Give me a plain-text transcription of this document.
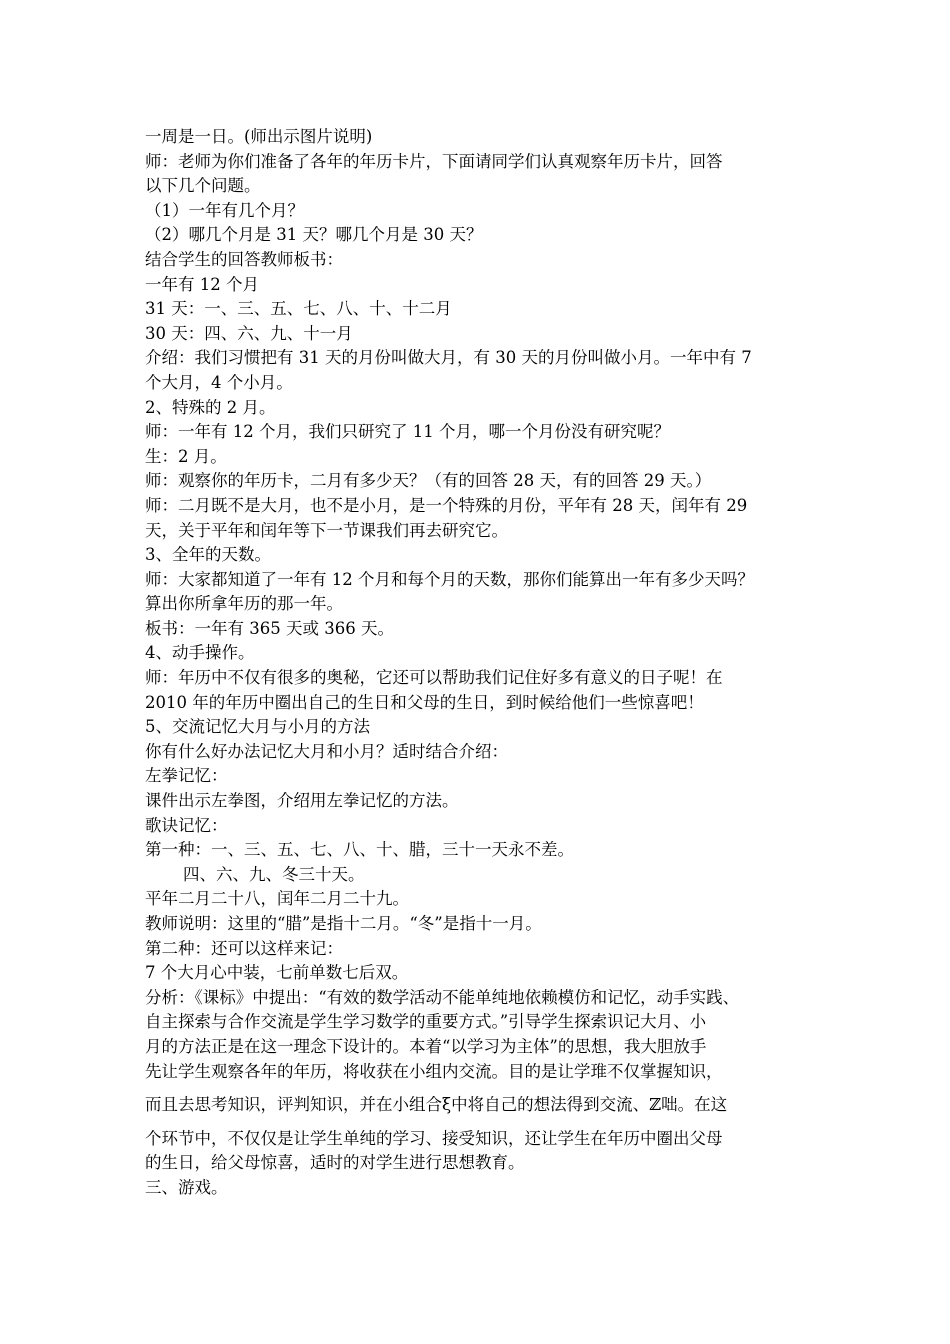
一周是一日。(师出示图片说明)
师：老师为你们准备了各年的年历卡片，下面请同学们认真观察年历卡片，回答
以下几个问题。
（1）一年有几个月？
（2）哪几个月是 31 天？哪几个月是 30 天？
结合学生的回答教师板书：
一年有 12 个月
31 天：一、三、五、七、八、十、十二月
30 天：四、六、九、十一月
介绍：我们习惯把有 31 天的月份叫做大月，有 30 天的月份叫做小月。一年中有 7
个大月，4 个小月。
2、特殊的 2 月。
师：一年有 12 个月，我们只研究了 11 个月，哪一个月份没有研究呢？
生：2 月。
师：观察你的年历卡，二月有多少天？（有的回答 28 天，有的回答 29 天。）
师：二月既不是大月，也不是小月，是一个特殊的月份，平年有 28 天，闰年有 29
天，关于平年和闰年等下一节课我们再去研究它。
3、全年的天数。
师：大家都知道了一年有 12 个月和每个月的天数，那你们能算出一年有多少天吗？
算出你所拿年历的那一年。
板书：一年有 365 天或 366 天。
4、动手操作。
师：年历中不仅有很多的奥秘，它还可以帮助我们记住好多有意义的日子呢！在
2010 年的年历中圈出自己的生日和父母的生日，到时候给他们一些惊喜吧！
5、交流记忆大月与小月的方法
你有什么好办法记忆大月和小月？适时结合介绍：
左拳记忆：
课件出示左拳图，介绍用左拳记忆的方法。
歌诀记忆：
第一种：一、三、五、七、八、十、腊，三十一天永不差。
四、六、九、冬三十天。
平年二月二十八，闰年二月二十九。
教师说明：这里的“腊”是指十二月。“冬”是指十一月。
第二种：还可以这样来记：
7 个大月心中装，七前单数七后双。
分析：《课标》中提出：“有效的数学活动不能单纯地依赖模仿和记忆，动手实践、
自主探索与合作交流是学生学习数学的重要方式。”引导学生探索识记大月、小
月的方法正是在这一理念下设计的。本着“以学习为主体”的思想，我大胆放手
先让学生观察各年的年历，将收获在小组内交流。目的是让学琟不仅掌握知识，
而且去思考知识，评判知识，并在小组合ξ中将自己的想法得到交流、ℤ咄。在这
个环节中，不仅仅是让学生单纯的学习、接受知识，还让学生在年历中圈出父母
的生日，给父母惊喜，适时的对学生进行思想教育。
三、游戏。
